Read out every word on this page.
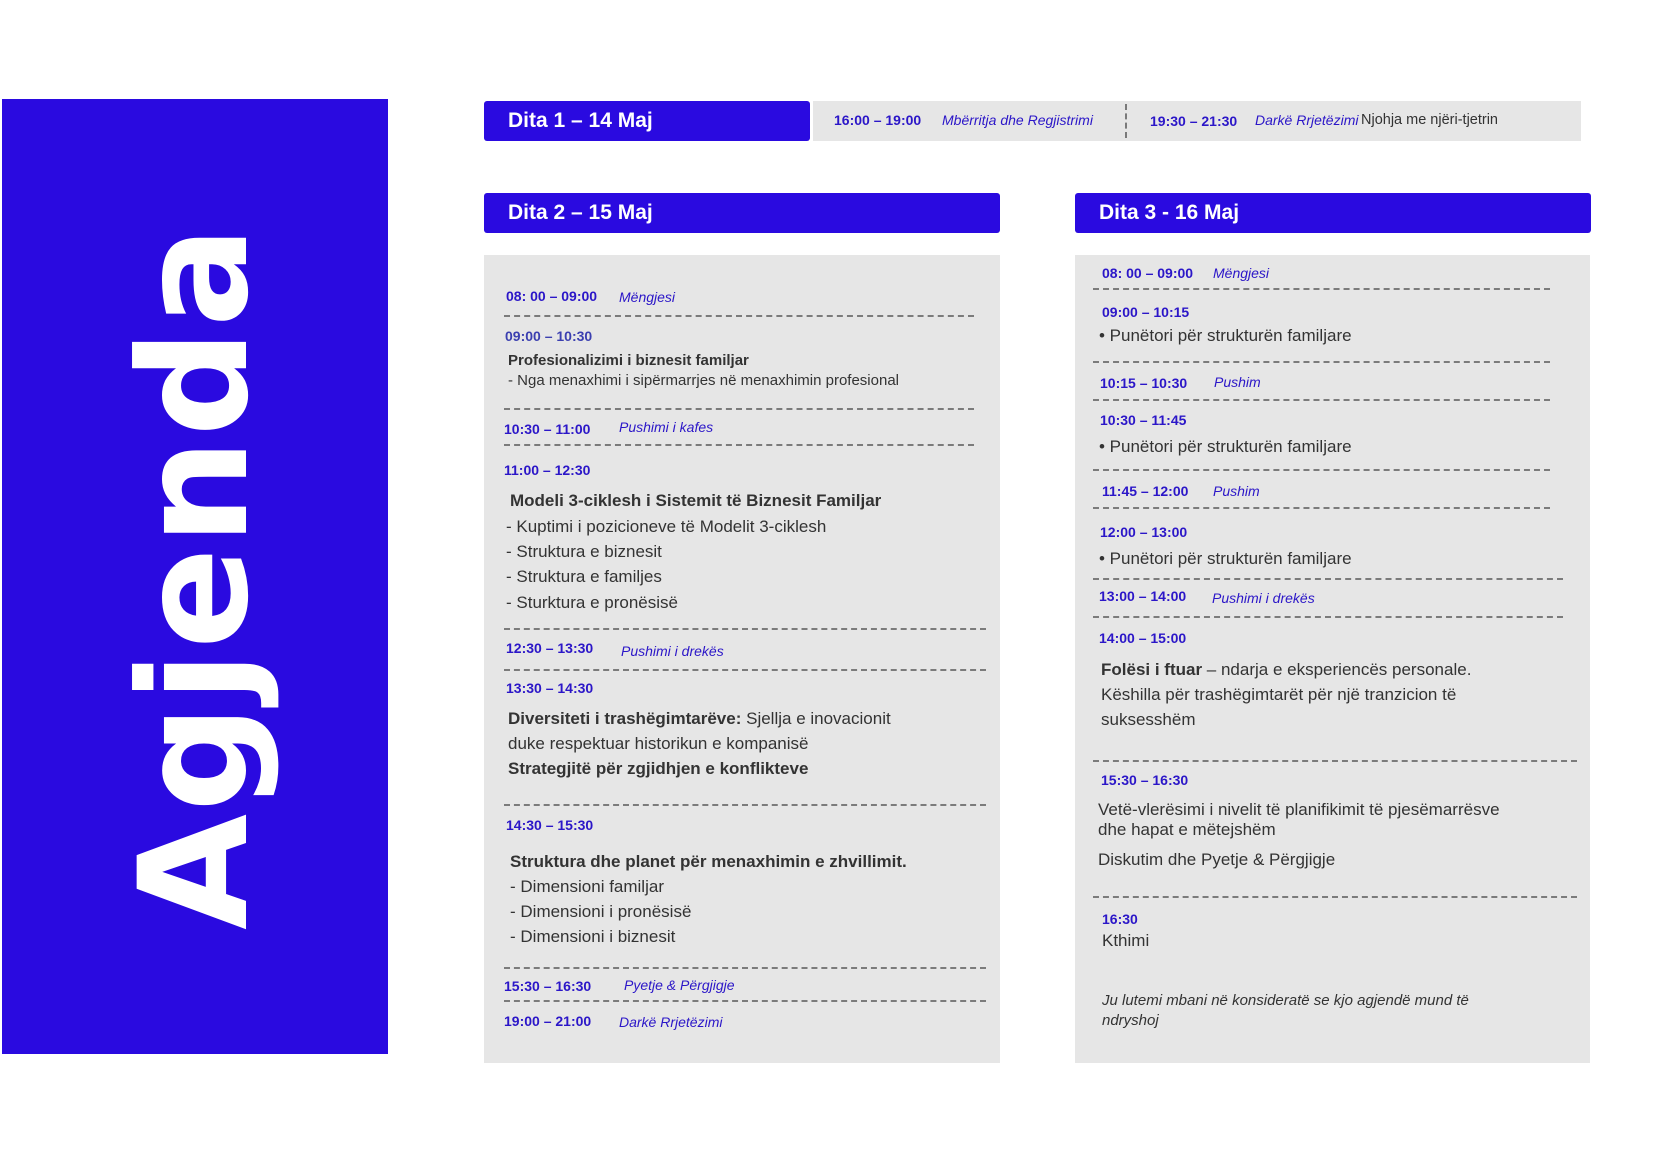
Agjenda
Dita 1 – 14 Maj	16:00 – 19:00 Mbërritja dhe Regjistrimi	19:30 – 21:30 Darkë Rrjetëzimi Njohja me njëri-tjetrin
Dita 2 – 15 Maj
08: 00 – 09:00 Mëngjesi
09:00 – 10:30
Profesionalizimi i biznesit familjar
- Nga menaxhimi i sipërmarrjes në menaxhimin profesional
10:30 – 11:00 Pushimi i kafes
11:00 – 12:30
Modeli 3-ciklesh i Sistemit të Biznesit Familjar
- Kuptimi i pozicioneve të Modelit 3-ciklesh
- Struktura e biznesit
- Struktura e familjes
- Sturktura e pronësisë
12:30 – 13:30 Pushimi i drekës
13:30 – 14:30
Diversiteti i trashëgimtarëve: Sjellja e inovacionit
duke respektuar historikun e kompanisë
Strategjitë për zgjidhjen e konflikteve
14:30 – 15:30
Struktura dhe planet për menaxhimin e zhvillimit.
- Dimensioni familjar
- Dimensioni i pronësisë
- Dimensioni i biznesit
15:30 – 16:30 Pyetje & Përgjigje
19:00 – 21:00 Darkë Rrjetëzimi
Dita 3 - 16 Maj
08: 00 – 09:00 Mëngjesi
09:00 – 10:15
• Punëtori për strukturën familjare
10:15 – 10:30 Pushim
10:30 – 11:45
• Punëtori për strukturën familjare
11:45 – 12:00 Pushim
12:00 – 13:00
• Punëtori për strukturën familjare
13:00 – 14:00 Pushimi i drekës
14:00 – 15:00
Folësi i ftuar – ndarja e eksperiencës personale.
Këshilla për trashëgimtarët për një tranzicion të
suksesshëm
15:30 – 16:30
Vetë-vlerësimi i nivelit të planifikimit të pjesëmarrësve
dhe hapat e mëtejshëm
Diskutim dhe Pyetje & Përgjigje
16:30
Kthimi
Ju lutemi mbani në konsideratë se kjo agjendë mund të
ndryshoj
